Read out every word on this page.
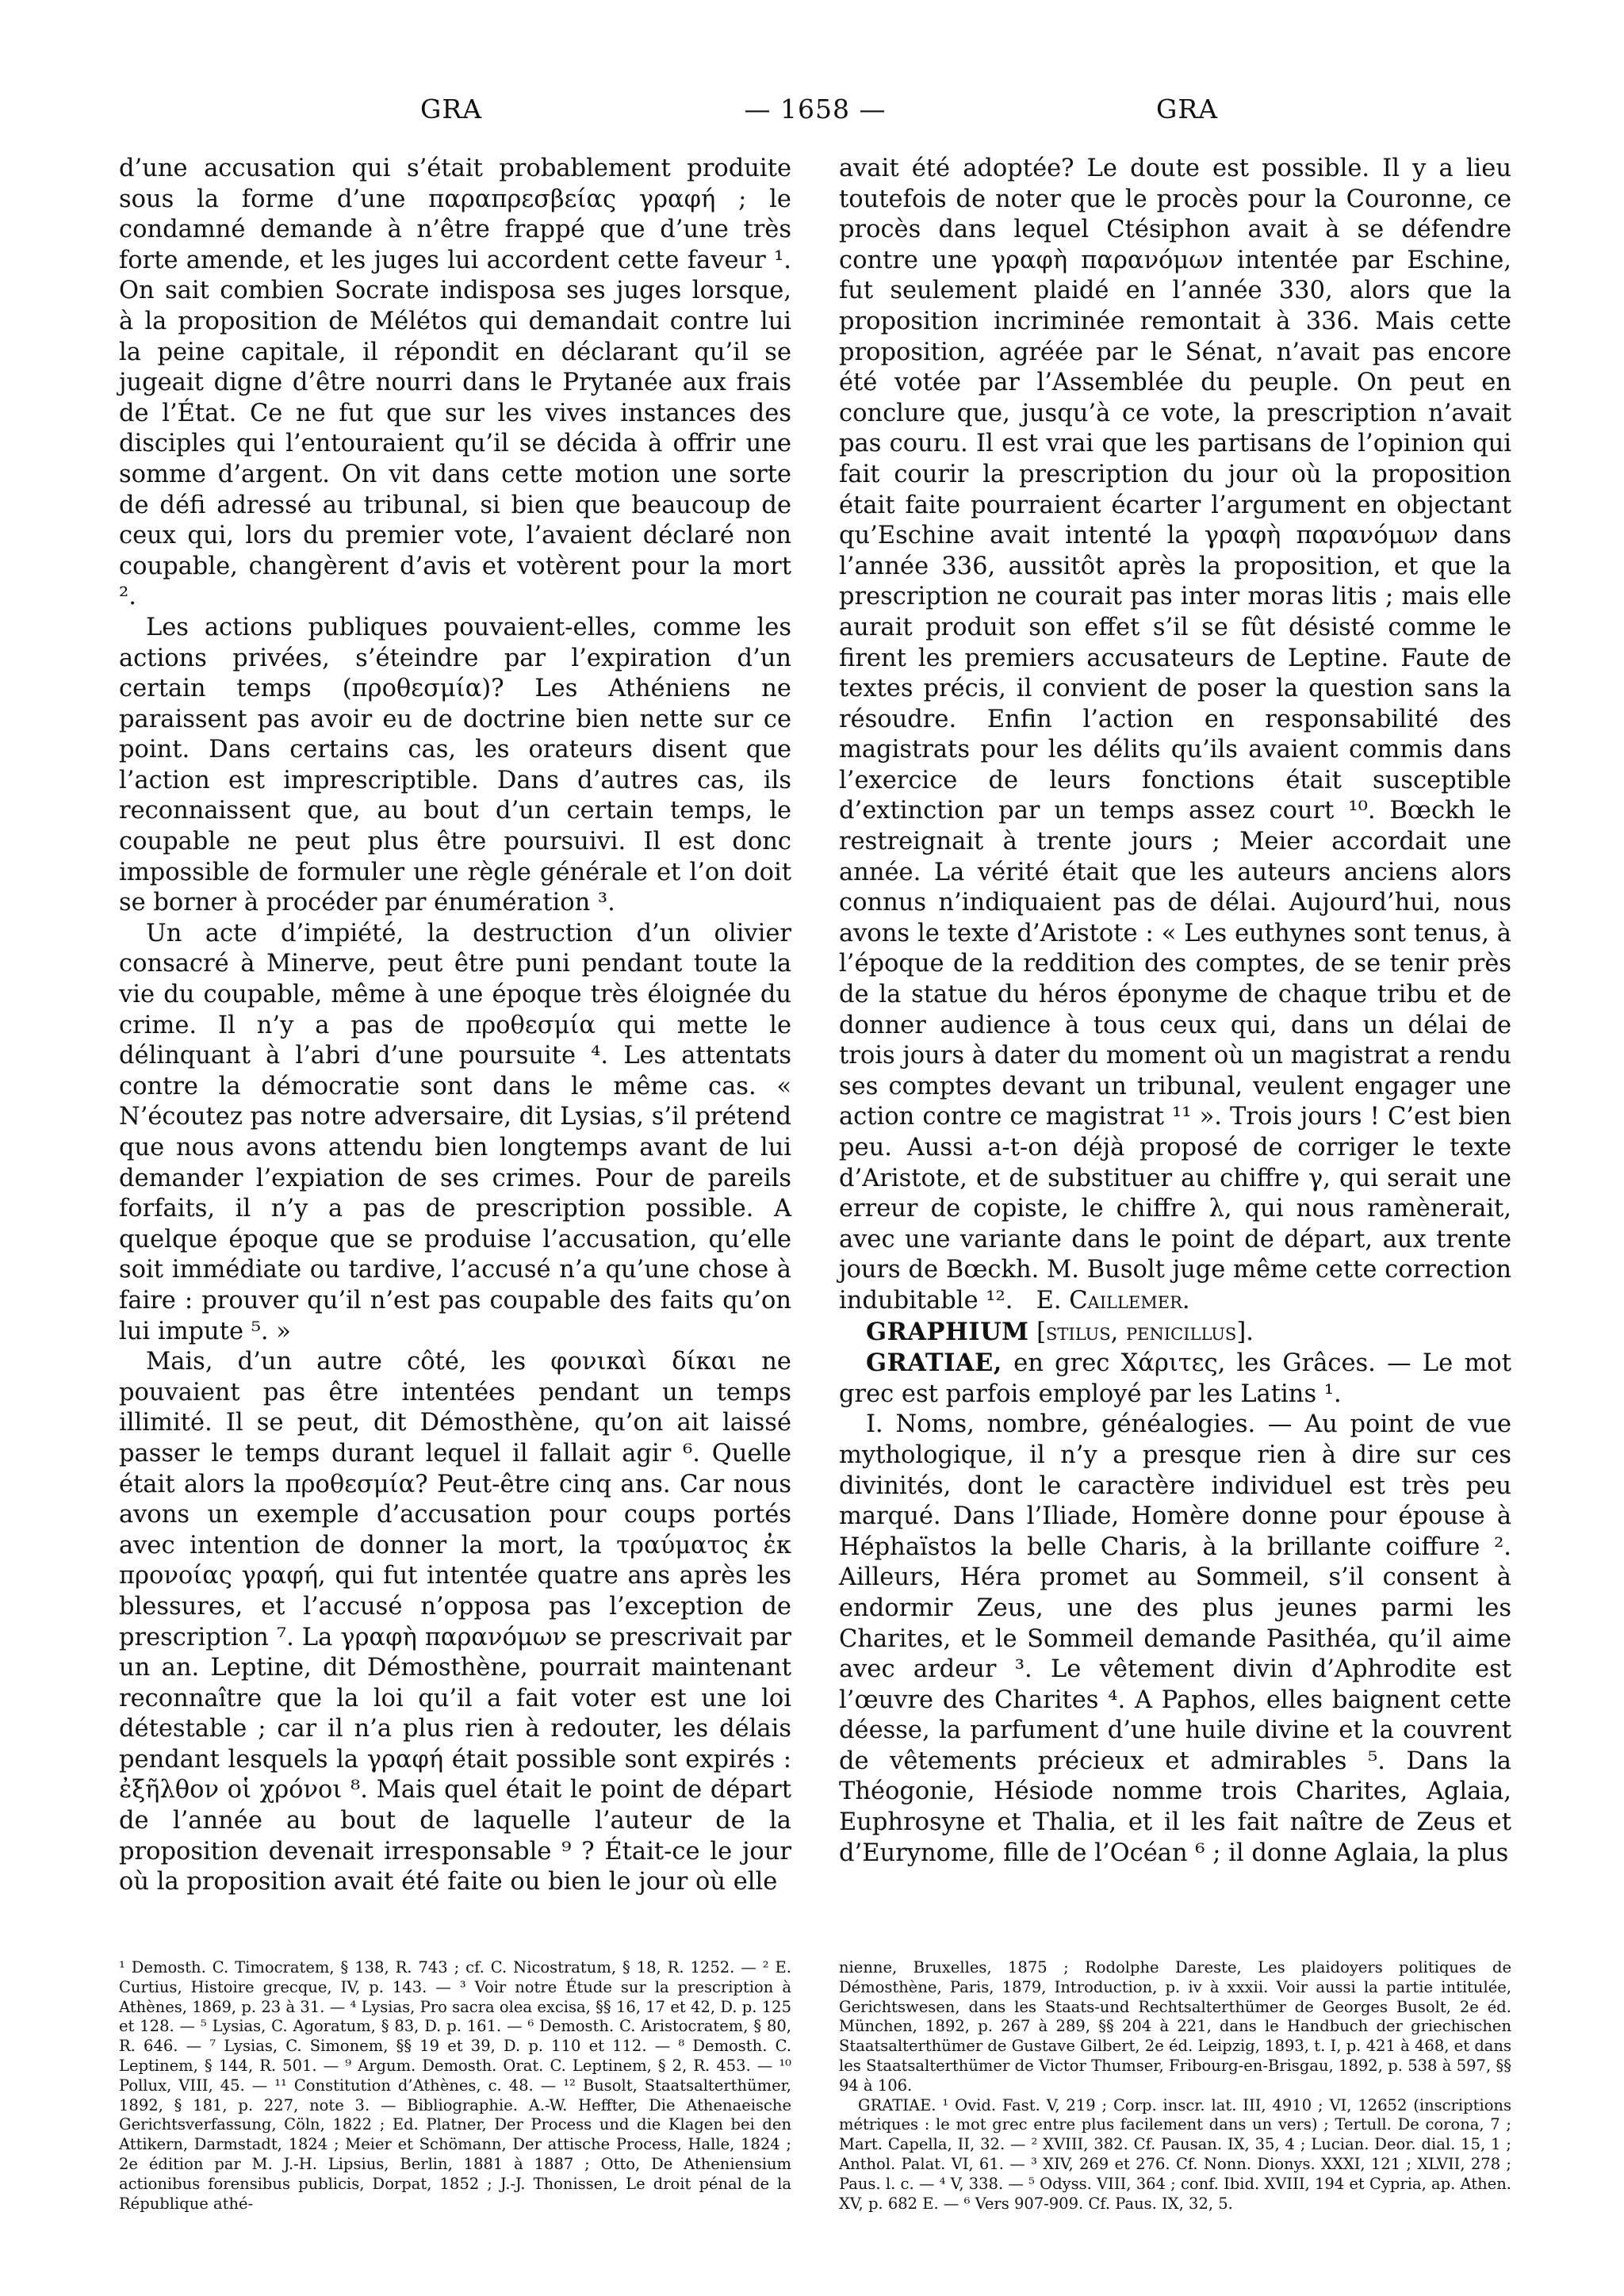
GRA	— 1658 —	GRA

d’une accusation qui s’était probablement produite sous la forme d’une παραπρεσβείας γραφή ; le condamné demande à n’être frappé que d’une très forte amende, et les juges lui accordent cette faveur ¹. On sait combien Socrate indisposa ses juges lorsque, à la proposition de Mélétos qui demandait contre lui la peine capitale, il répondit en déclarant qu’il se jugeait digne d’être nourri dans le Prytanée aux frais de l’État. Ce ne fut que sur les vives instances des disciples qui l’entouraient qu’il se décida à offrir une somme d’argent. On vit dans cette motion une sorte de défi adressé au tribunal, si bien que beaucoup de ceux qui, lors du premier vote, l’avaient déclaré non coupable, changèrent d’avis et votèrent pour la mort ².

Les actions publiques pouvaient-elles, comme les actions privées, s’éteindre par l’expiration d’un certain temps (προθεσμία)? Les Athéniens ne paraissent pas avoir eu de doctrine bien nette sur ce point. Dans certains cas, les orateurs disent que l’action est imprescriptible. Dans d’autres cas, ils reconnaissent que, au bout d’un certain temps, le coupable ne peut plus être poursuivi. Il est donc impossible de formuler une règle générale et l’on doit se borner à procéder par énumération ³.

Un acte d’impiété, la destruction d’un olivier consacré à Minerve, peut être puni pendant toute la vie du coupable, même à une époque très éloignée du crime. Il n’y a pas de προθεσμία qui mette le délinquant à l’abri d’une poursuite ⁴. Les attentats contre la démocratie sont dans le même cas. « N’écoutez pas notre adversaire, dit Lysias, s’il prétend que nous avons attendu bien longtemps avant de lui demander l’expiation de ses crimes. Pour de pareils forfaits, il n’y a pas de prescription possible. A quelque époque que se produise l’accusation, qu’elle soit immédiate ou tardive, l’accusé n’a qu’une chose à faire : prouver qu’il n’est pas coupable des faits qu’on lui impute ⁵. »

Mais, d’un autre côté, les φονικαὶ δίκαι ne pouvaient pas être intentées pendant un temps illimité. Il se peut, dit Démosthène, qu’on ait laissé passer le temps durant lequel il fallait agir ⁶. Quelle était alors la προθεσμία? Peut-être cinq ans. Car nous avons un exemple d’accusation pour coups portés avec intention de donner la mort, la τραύματος ἐκ προνοίας γραφή, qui fut intentée quatre ans après les blessures, et l’accusé n’opposa pas l’exception de prescription ⁷. La γραφὴ παρανόμων se prescrivait par un an. Leptine, dit Démosthène, pourrait maintenant reconnaître que la loi qu’il a fait voter est une loi détestable ; car il n’a plus rien à redouter, les délais pendant lesquels la γραφή était possible sont expirés : ἐξῆλθον οἱ χρόνοι ⁸. Mais quel était le point de départ de l’année au bout de laquelle l’auteur de la proposition devenait irresponsable ⁹ ? Était-ce le jour où la proposition avait été faite ou bien le jour où elle

avait été adoptée? Le doute est possible. Il y a lieu toutefois de noter que le procès pour la Couronne, ce procès dans lequel Ctésiphon avait à se défendre contre une γραφὴ παρανόμων intentée par Eschine, fut seulement plaidé en l’année 330, alors que la proposition incriminée remontait à 336. Mais cette proposition, agréée par le Sénat, n’avait pas encore été votée par l’Assemblée du peuple. On peut en conclure que, jusqu’à ce vote, la prescription n’avait pas couru. Il est vrai que les partisans de l’opinion qui fait courir la prescription du jour où la proposition était faite pourraient écarter l’argument en objectant qu’Eschine avait intenté la γραφὴ παρανόμων dans l’année 336, aussitôt après la proposition, et que la prescription ne courait pas inter moras litis ; mais elle aurait produit son effet s’il se fût désisté comme le firent les premiers accusateurs de Leptine. Faute de textes précis, il convient de poser la question sans la résoudre. Enfin l’action en responsabilité des magistrats pour les délits qu’ils avaient commis dans l’exercice de leurs fonctions était susceptible d’extinction par un temps assez court ¹⁰. Bœckh le restreignait à trente jours ; Meier accordait une année. La vérité était que les auteurs anciens alors connus n’indiquaient pas de délai. Aujourd’hui, nous avons le texte d’Aristote : « Les euthynes sont tenus, à l’époque de la reddition des comptes, de se tenir près de la statue du héros éponyme de chaque tribu et de donner audience à tous ceux qui, dans un délai de trois jours à dater du moment où un magistrat a rendu ses comptes devant un tribunal, veulent engager une action contre ce magistrat ¹¹ ». Trois jours ! C’est bien peu. Aussi a-t-on déjà proposé de corriger le texte d’Aristote, et de substituer au chiffre γ, qui serait une erreur de copiste, le chiffre λ, qui nous ramènerait, avec une variante dans le point de départ, aux trente jours de Bœckh. M. Busolt juge même cette correction indubitable ¹². E. Caillemer.

GRAPHIUM [stilus, penicillus].

GRATIAE, en grec Χάριτες, les Grâces. — Le mot grec est parfois employé par les Latins ¹.

I. Noms, nombre, généalogies. — Au point de vue mythologique, il n’y a presque rien à dire sur ces divinités, dont le caractère individuel est très peu marqué. Dans l’Iliade, Homère donne pour épouse à Héphaïstos la belle Charis, à la brillante coiffure ². Ailleurs, Héra promet au Sommeil, s’il consent à endormir Zeus, une des plus jeunes parmi les Charites, et le Sommeil demande Pasithéa, qu’il aime avec ardeur ³. Le vêtement divin d’Aphrodite est l’œuvre des Charites ⁴. A Paphos, elles baignent cette déesse, la parfument d’une huile divine et la couvrent de vêtements précieux et admirables ⁵. Dans la Théogonie, Hésiode nomme trois Charites, Aglaia, Euphrosyne et Thalia, et il les fait naître de Zeus et d’Eurynome, fille de l’Océan ⁶ ; il donne Aglaia, la plus

¹ Demosth. C. Timocratem, § 138, R. 743 ; cf. C. Nicostratum, § 18, R. 1252. — ² E. Curtius, Histoire grecque, IV, p. 143. — ³ Voir notre Étude sur la prescription à Athènes, 1869, p. 23 à 31. — ⁴ Lysias, Pro sacra olea excisa, §§ 16, 17 et 42, D. p. 125 et 128. — ⁵ Lysias, C. Agoratum, § 83, D. p. 161. — ⁶ Demosth. C. Aristocratem, § 80, R. 646. — ⁷ Lysias, C. Simonem, §§ 19 et 39, D. p. 110 et 112. — ⁸ Demosth. C. Leptinem, § 144, R. 501. — ⁹ Argum. Demosth. Orat. C. Leptinem, § 2, R. 453. — ¹⁰ Pollux, VIII, 45. — ¹¹ Constitution d’Athènes, c. 48. — ¹² Busolt, Staatsalterthümer, 1892, § 181, p. 227, note 3. — Bibliographie. A.-W. Heffter, Die Athenaeische Gerichtsverfassung, Cöln, 1822 ; Ed. Platner, Der Process und die Klagen bei den Attikern, Darmstadt, 1824 ; Meier et Schömann, Der attische Process, Halle, 1824 ; 2e édition par M. J.-H. Lipsius, Berlin, 1881 à 1887 ; Otto, De Atheniensium actionibus forensibus publicis, Dorpat, 1852 ; J.-J. Thonissen, Le droit pénal de la République athé-

nienne, Bruxelles, 1875 ; Rodolphe Dareste, Les plaidoyers politiques de Démosthène, Paris, 1879, Introduction, p. iv à xxxii. Voir aussi la partie intitulée, Gerichtswesen, dans les Staats-und Rechtsalterthümer de Georges Busolt, 2e éd. München, 1892, p. 267 à 289, §§ 204 à 221, dans le Handbuch der griechischen Staatsalterthümer de Gustave Gilbert, 2e éd. Leipzig, 1893, t. I, p. 421 à 468, et dans les Staatsalterthümer de Victor Thumser, Fribourg-en-Brisgau, 1892, p. 538 à 597, §§ 94 à 106.

GRATIAE. ¹ Ovid. Fast. V, 219 ; Corp. inscr. lat. III, 4910 ; VI, 12652 (inscriptions métriques : le mot grec entre plus facilement dans un vers) ; Tertull. De corona, 7 ; Mart. Capella, II, 32. — ² XVIII, 382. Cf. Pausan. IX, 35, 4 ; Lucian. Deor. dial. 15, 1 ; Anthol. Palat. VI, 61. — ³ XIV, 269 et 276. Cf. Nonn. Dionys. XXXI, 121 ; XLVII, 278 ; Paus. l. c. — ⁴ V, 338. — ⁵ Odyss. VIII, 364 ; conf. Ibid. XVIII, 194 et Cypria, ap. Athen. XV, p. 682 E. — ⁶ Vers 907-909. Cf. Paus. IX, 32, 5.
